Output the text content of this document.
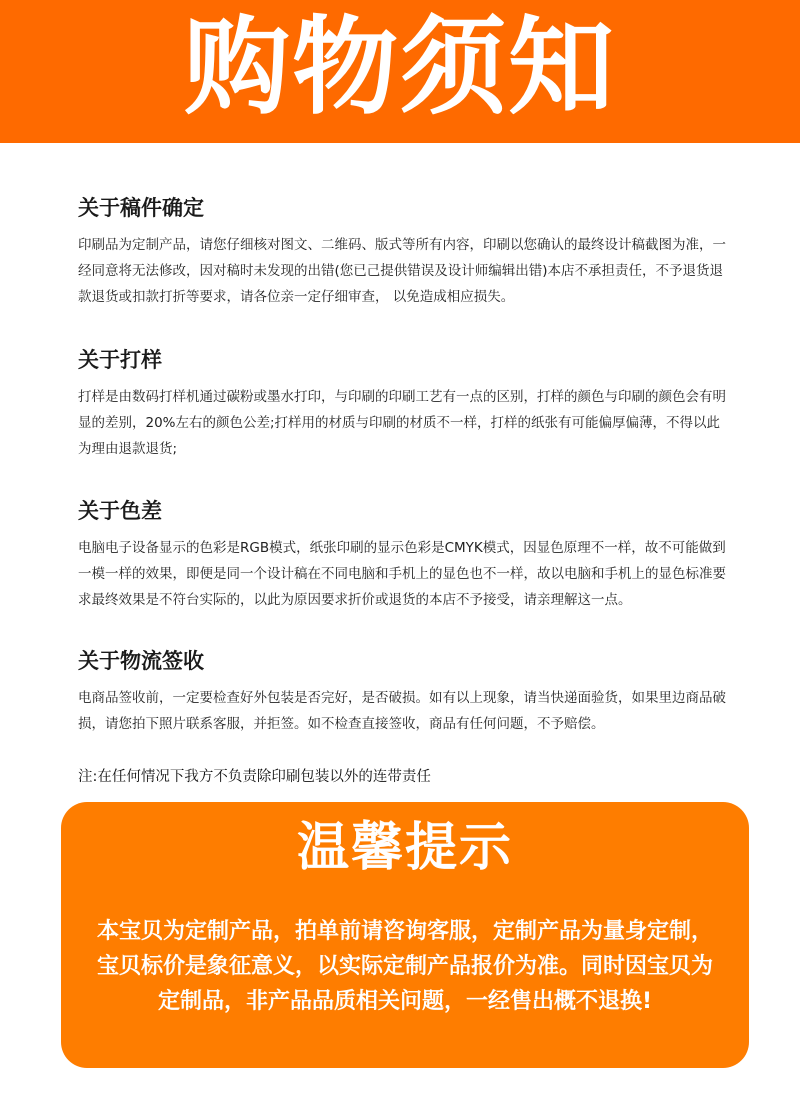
购物须知
关于稿件确定

印刷品为定制产品，请您仔细核对图文、二维码、版式等所有内容，印刷以您确认的最终设计稿截图为准，一经同意将无法修改，因对稿时未发现的出错(您已己提供错误及设计师编辑出错)本店不承担责任，不予退货退款退货或扣款打折等要求，请各位亲一定仔细审查， 以免造成相应损失。

关于打样

打样是由数码打样机通过碳粉或墨水打印，与印刷的印刷工艺有一点的区别，打样的颜色与印刷的颜色会有明显的差别，20%左右的颜色公差;打样用的材质与印刷的材质不一样，打样的纸张有可能偏厚偏薄，不得以此为理由退款退货;

关于色差

电脑电子设备显示的色彩是RGB模式，纸张印刷的显示色彩是CMYK模式，因显色原理不一样，故不可能做到一模一样的效果，即便是同一个设计稿在不同电脑和手机上的显色也不一样，故以电脑和手机上的显色标准要求最终效果是不符台实际的，以此为原因要求折价或退货的本店不予接受，请亲理解这一点。

关于物流签收

电商品签收前，一定要检查好外包装是否完好，是否破损。如有以上现象，请当快递面验货，如果里边商品破损，请您拍下照片联系客服，并拒签。如不检查直接签收，商品有任何问题，不予赔偿。

注:在任何情况下我方不负责除印刷包装以外的连带责任
温馨提示
本宝贝为定制产品，拍单前请咨询客服，定制产品为量身定制，宝贝标价是象征意义，以实际定制产品报价为准。同时因宝贝为定制品，非产品品质相关问题，一经售出概不退换!
